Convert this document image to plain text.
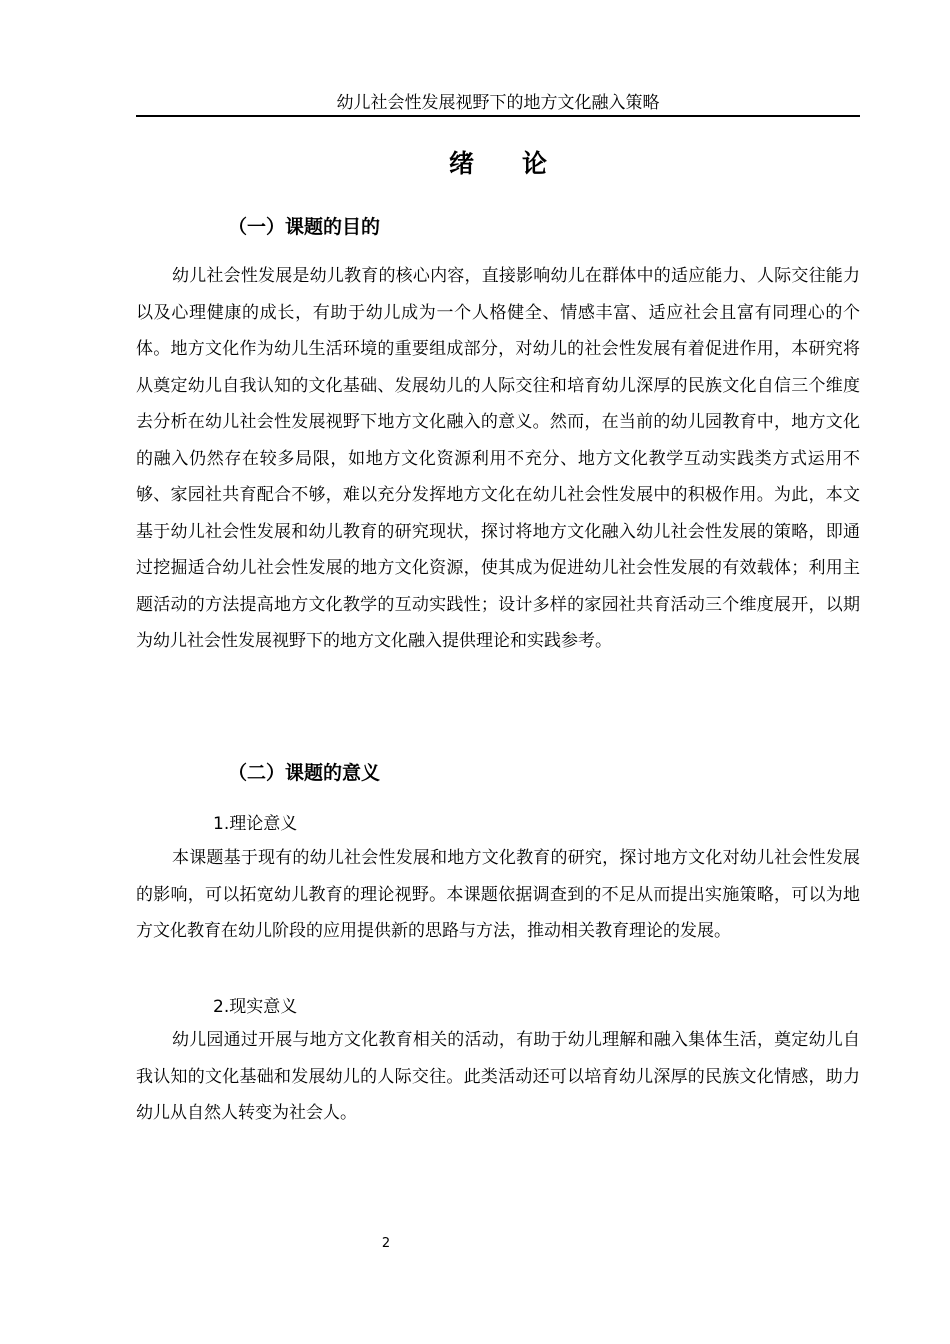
幼儿社会性发展视野下的地方文化融入策略
绪论
（一）课题的目的

幼儿社会性发展是幼儿教育的核心内容，直接影响幼儿在群体中的适应能力、人际交往能力以及心理健康的成长，有助于幼儿成为一个人格健全、情感丰富、适应社会且富有同理心的个体。地方文化作为幼儿生活环境的重要组成部分，对幼儿的社会性发展有着促进作用，本研究将从奠定幼儿自我认知的文化基础、发展幼儿的人际交往和培育幼儿深厚的民族文化自信三个维度去分析在幼儿社会性发展视野下地方文化融入的意义。然而，在当前的幼儿园教育中，地方文化的融入仍然存在较多局限，如地方文化资源利用不充分、地方文化教学互动实践类方式运用不够、家园社共育配合不够，难以充分发挥地方文化在幼儿社会性发展中的积极作用。为此，本文基于幼儿社会性发展和幼儿教育的研究现状，探讨将地方文化融入幼儿社会性发展的策略，即通过挖掘适合幼儿社会性发展的地方文化资源，使其成为促进幼儿社会性发展的有效载体；利用主题活动的方法提高地方文化教学的互动实践性；设计多样的家园社共育活动三个维度展开，以期为幼儿社会性发展视野下的地方文化融入提供理论和实践参考。

（二）课题的意义
1.理论意义

本课题基于现有的幼儿社会性发展和地方文化教育的研究，探讨地方文化对幼儿社会性发展的影响，可以拓宽幼儿教育的理论视野。本课题依据调查到的不足从而提出实施策略，可以为地方文化教育在幼儿阶段的应用提供新的思路与方法，推动相关教育理论的发展。

2.现实意义

幼儿园通过开展与地方文化教育相关的活动，有助于幼儿理解和融入集体生活，奠定幼儿自我认知的文化基础和发展幼儿的人际交往。此类活动还可以培育幼儿深厚的民族文化情感，助力幼儿从自然人转变为社会人。

2
